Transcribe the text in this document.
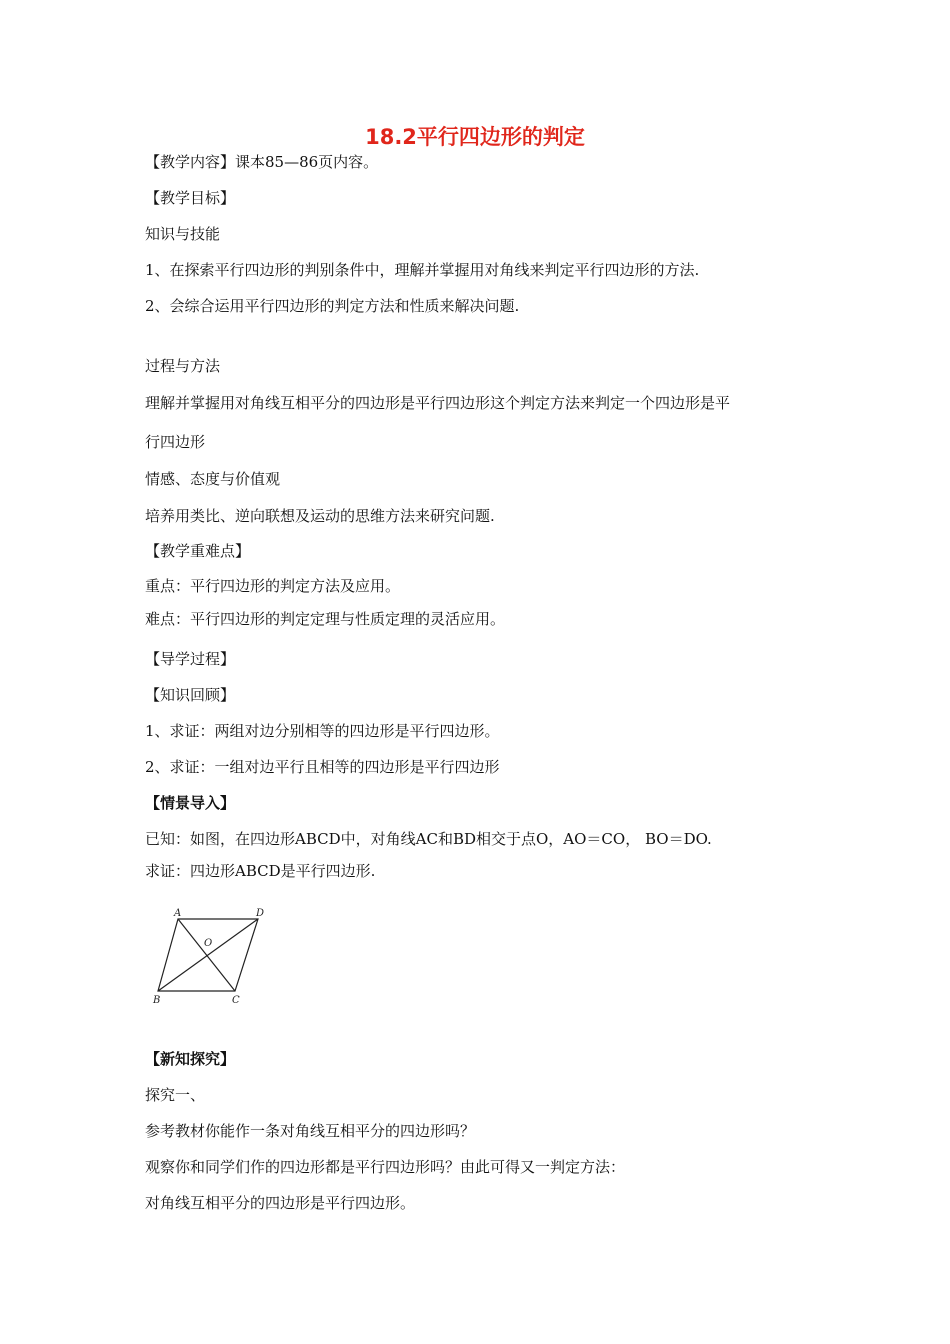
18.2平行四边形的判定
【教学内容】课本85—86页内容。
【教学目标】
知识与技能
1、在探索平行四边形的判别条件中，理解并掌握用对角线来判定平行四边形的方法.
2、会综合运用平行四边形的判定方法和性质来解决问题.
过程与方法
理解并掌握用对角线互相平分的四边形是平行四边形这个判定方法来判定一个四边形是平
行四边形
情感、态度与价值观
培养用类比、逆向联想及运动的思维方法来研究问题.
【教学重难点】
重点：平行四边形的判定方法及应用。
难点：平行四边形的判定定理与性质定理的灵活应用。
【导学过程】
【知识回顾】
1、求证：两组对边分别相等的四边形是平行四边形。
2、求证：一组对边平行且相等的四边形是平行四边形
【情景导入】
已知：如图，在四边形ABCD中，对角线AC和BD相交于点O，AO＝CO， BO＝DO.
求证：四边形ABCD是平行四边形.
A	D
O
B	C
【新知探究】
探究一、
参考教材你能作一条对角线互相平分的四边形吗？
观察你和同学们作的四边形都是平行四边形吗？由此可得又一判定方法：
对角线互相平分的四边形是平行四边形。
